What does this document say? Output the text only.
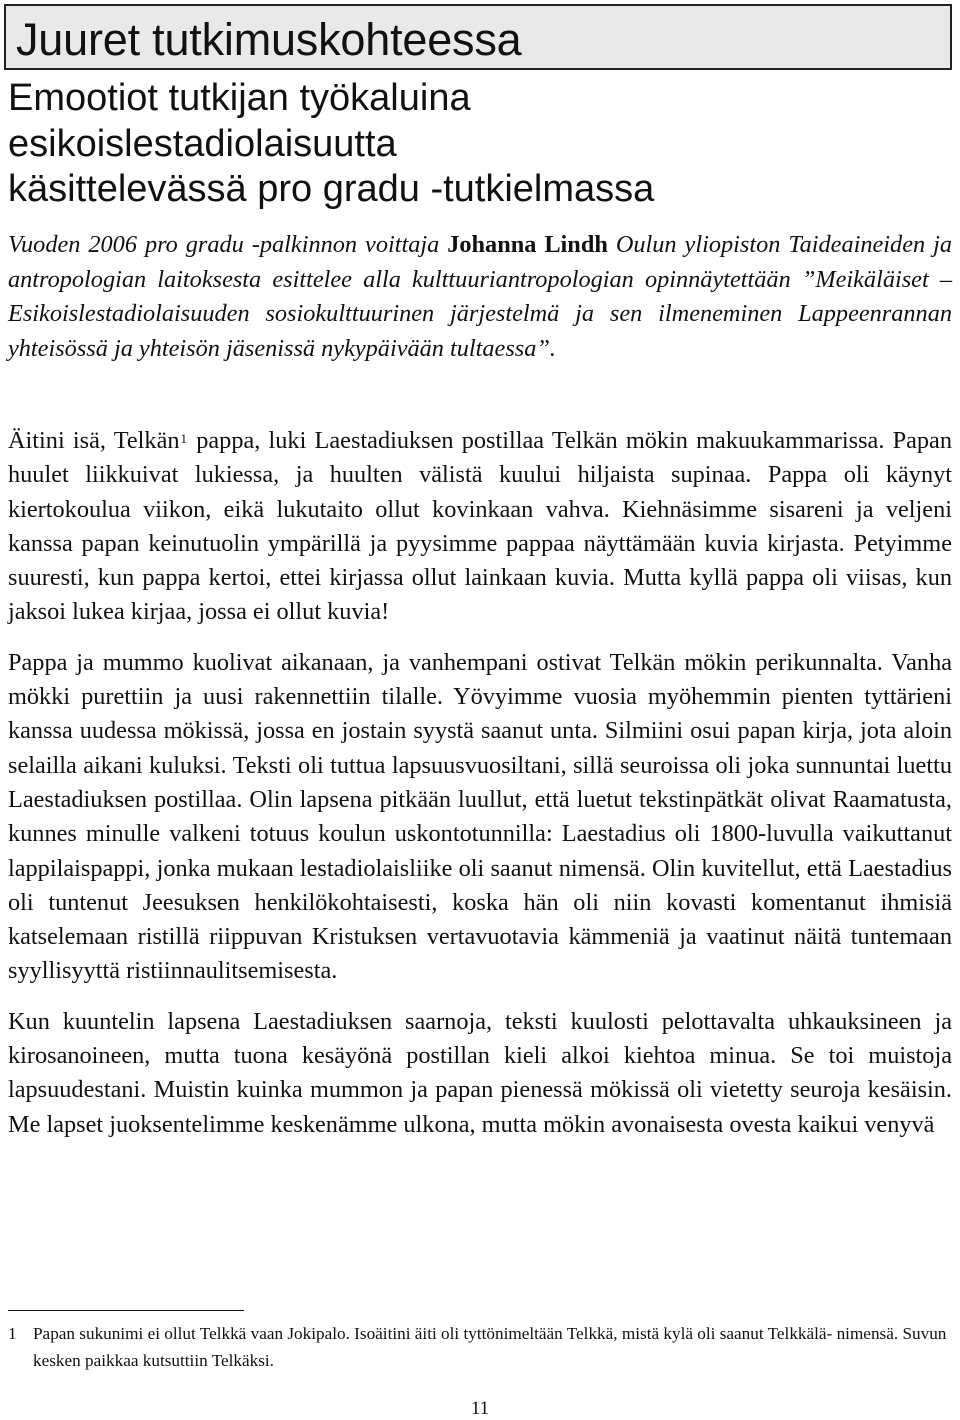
Juuret tutkimuskohteessa
Emootiot tutkijan työkaluina
esikoislestadiolaisuutta
käsittelevässä pro gradu -tutkielmassa
Vuoden 2006 pro gradu -palkinnon voittaja Johanna Lindh Oulun yliopiston Taideaineiden ja antropologian laitoksesta esittelee alla kulttuuriantropologian opinnäytettään ”Meikäläiset – Esikoislestadiolaisuuden sosiokulttuurinen järjestelmä ja sen ilmeneminen Lappeenrannan yhteisössä ja yhteisön jäsenissä nykypäivään tultaessa”.

Äitini isä, Telkän$^1$ pappa, luki Laestadiuksen postillaa Telkän mökin makuukammarissa. Papan huulet liikkuivat lukiessa, ja huulten välistä kuului hiljaista supinaa. Pappa oli käynyt kiertokoulua viikon, eikä lukutaito ollut kovinkaan vahva. Kiehnäsimme sisareni ja veljeni kanssa papan keinutuolin ympärillä ja pyysimme pappaa näyttämään kuvia kirjasta. Petyimme suuresti, kun pappa kertoi, ettei kirjassa ollut lainkaan kuvia. Mutta kyllä pappa oli viisas, kun jaksoi lukea kirjaa, jossa ei ollut kuvia!

Pappa ja mummo kuolivat aikanaan, ja vanhempani ostivat Telkän mökin perikunnalta. Vanha mökki purettiin ja uusi rakennettiin tilalle. Yövyimme vuosia myöhemmin pienten tyttärieni kanssa uudessa mökissä, jossa en jostain syystä saanut unta. Silmiini osui papan kirja, jota aloin selailla aikani kuluksi. Teksti oli tuttua lapsuusvuosiltani, sillä seuroissa oli joka sunnuntai luettu Laestadiuksen postillaa. Olin lapsena pitkään luullut, että luetut tekstinpätkät olivat Raamatusta, kunnes minulle valkeni totuus koulun uskontotunnilla: Laestadius oli 1800-luvulla vaikuttanut lappilaispappi, jonka mukaan lestadiolaisliike oli saanut nimensä. Olin kuvitellut, että Laestadius oli tuntenut Jeesuksen henkilökohtaisesti, koska hän oli niin kovasti komentanut ihmisiä katselemaan ristillä riippuvan Kristuksen vertavuotavia kämmeniä ja vaatinut näitä tuntemaan syyllisyyttä ristiinnaulitsemisesta.

Kun kuuntelin lapsena Laestadiuksen saarnoja, teksti kuulosti pelottavalta uhkauksineen ja kirosanoineen, mutta tuona kesäyönä postillan kieli alkoi kiehtoa minua. Se toi muistoja lapsuudestani. Muistin kuinka mummon ja papan pienessä mökissä oli vietetty seuroja kesäisin. Me lapset juoksentelimme keskenämme ulkona, mutta mökin avonaisesta ovesta kaikui venyvä

1 Papan sukunimi ei ollut Telkkä vaan Jokipalo. Isoäitini äiti oli tyttönimeltään Telkkä, mistä kylä oli saanut Telkkälä- nimensä. Suvun kesken paikkaa kutsuttiin Telkäksi.
11
